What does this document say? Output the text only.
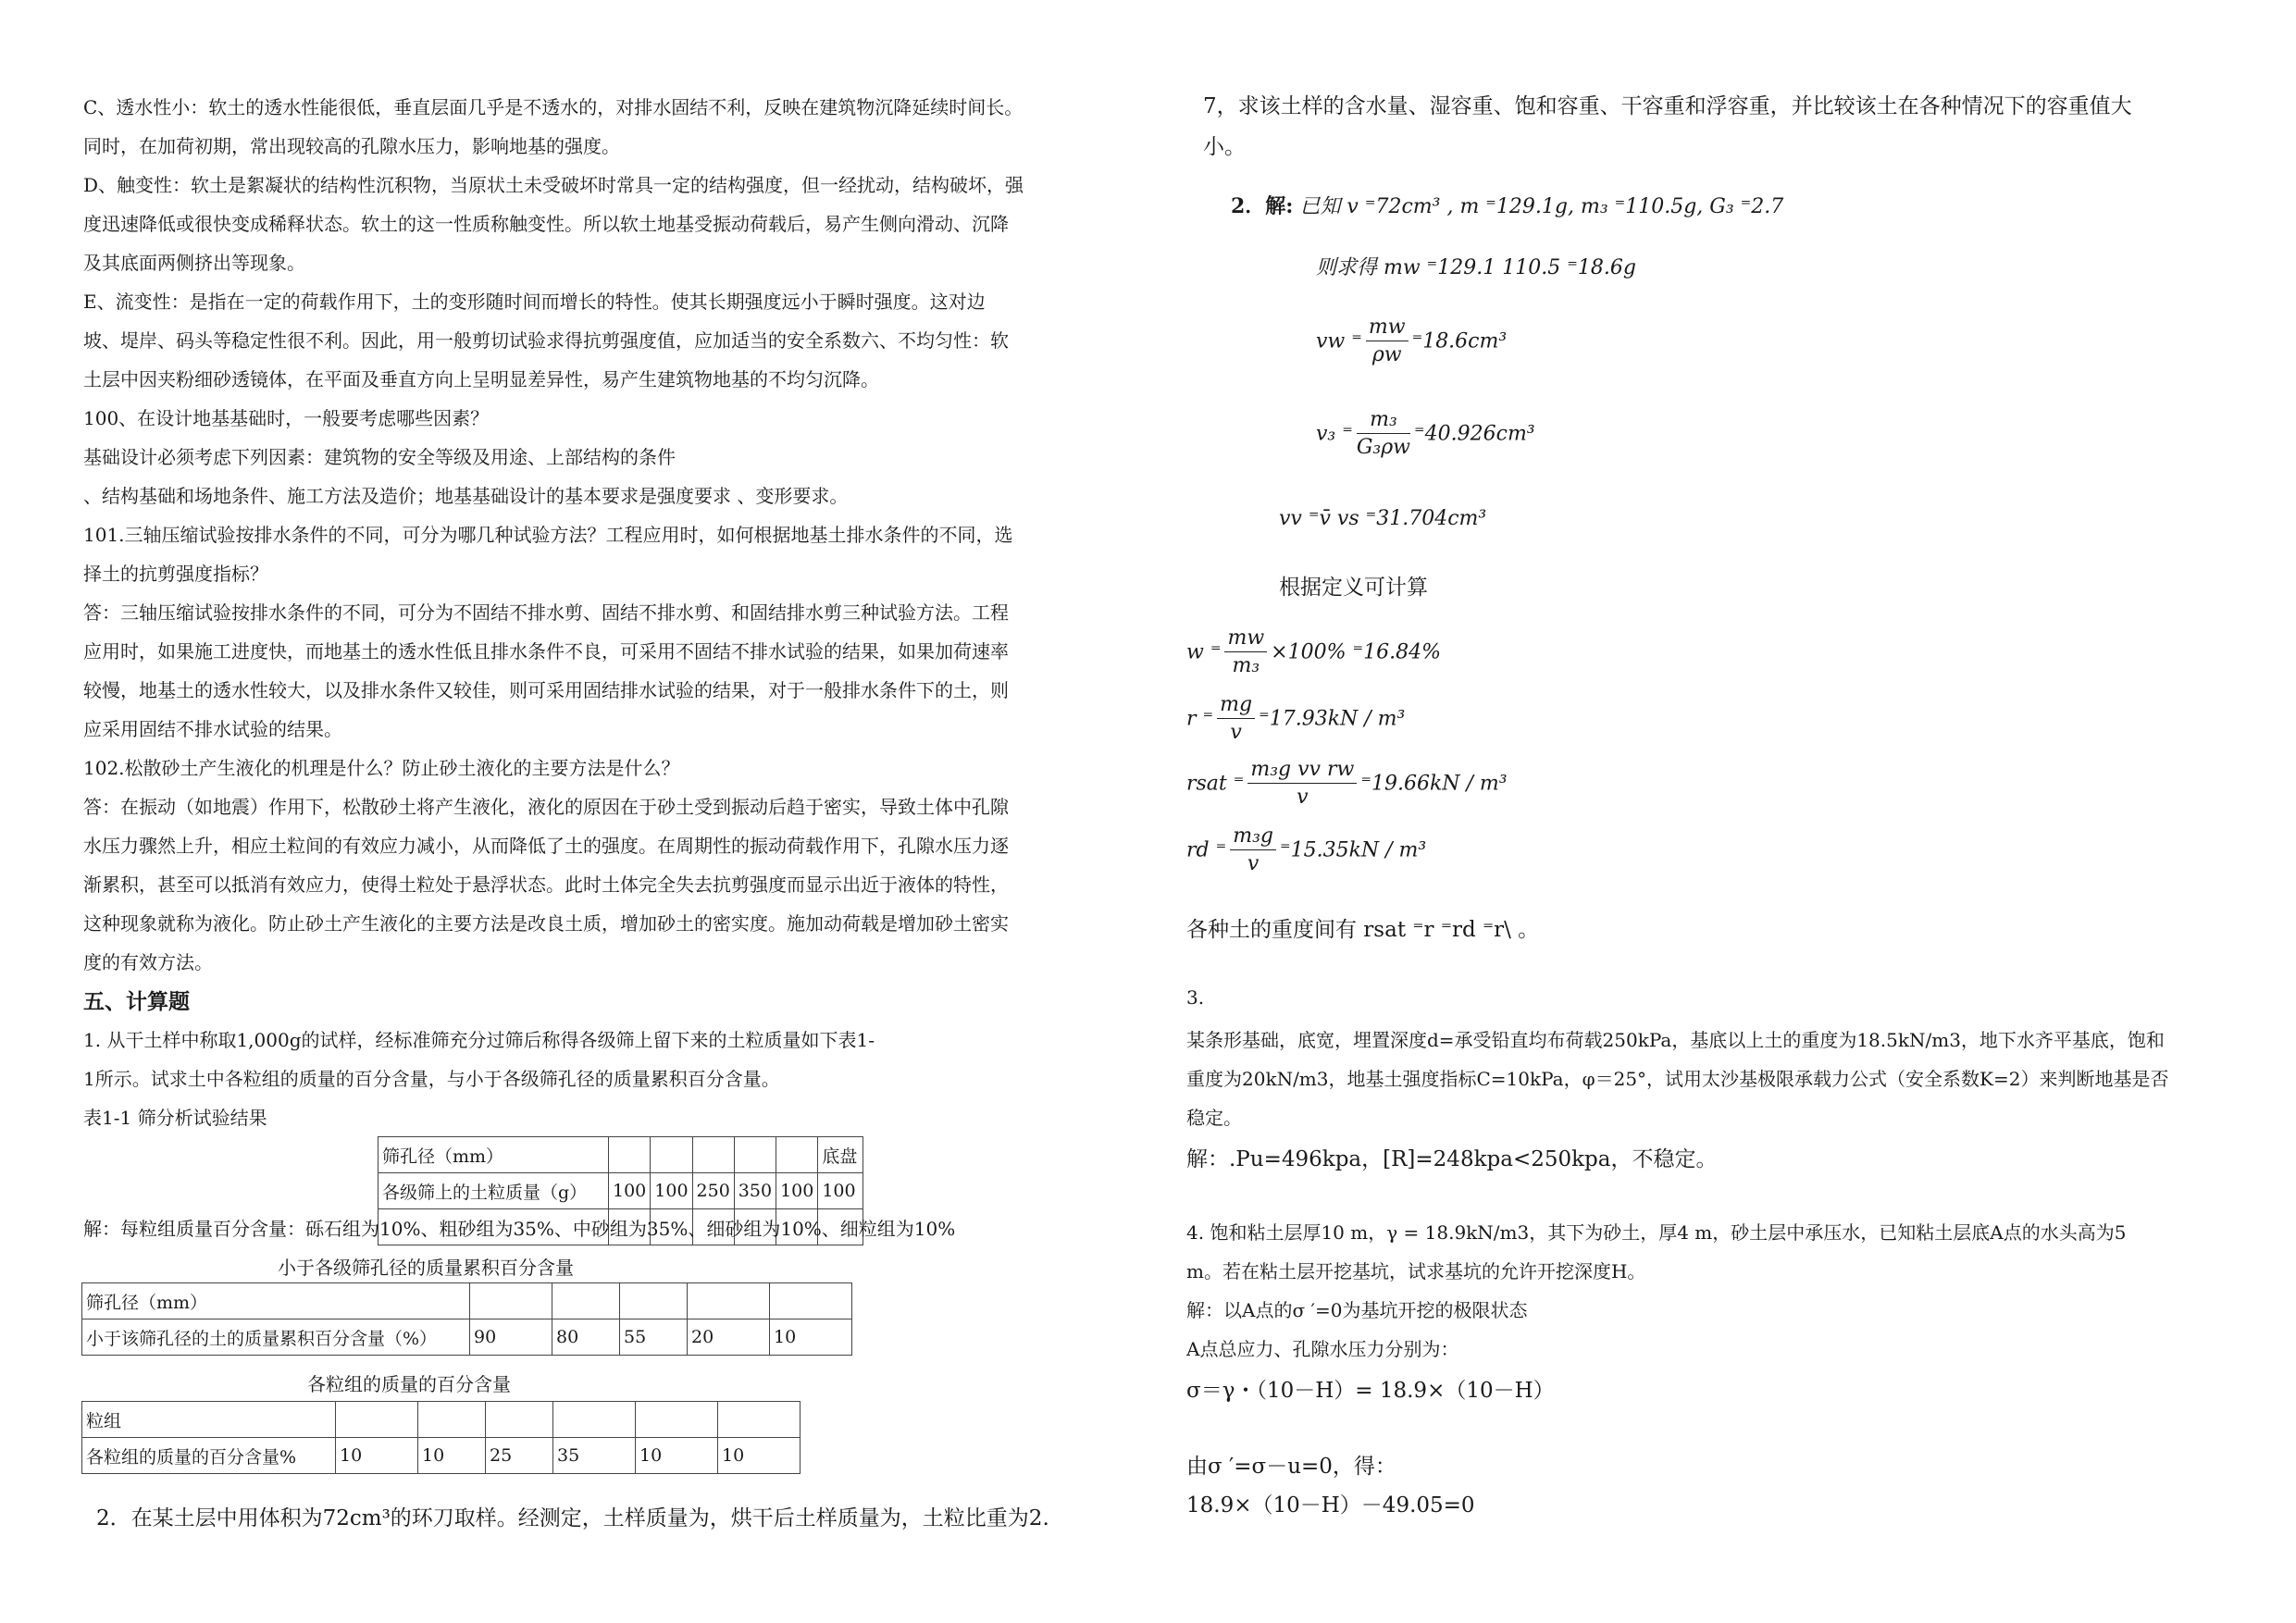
C、透水性小：软土的透水性能很低，垂直层面几乎是不透水的，对排水固结不利，反映在建筑物沉降延续时间长。
同时，在加荷初期，常出现较高的孔隙水压力，影响地基的强度。
D、触变性：软土是絮凝状的结构性沉积物，当原状土未受破坏时常具一定的结构强度，但一经扰动，结构破坏，强
度迅速降低或很快变成稀释状态。软土的这一性质称触变性。所以软土地基受振动荷载后，易产生侧向滑动、沉降
及其底面两侧挤出等现象。
E、流变性：是指在一定的荷载作用下，土的变形随时间而增长的特性。使其长期强度远小于瞬时强度。这对边
坡、堤岸、码头等稳定性很不利。因此，用一般剪切试验求得抗剪强度值，应加适当的安全系数六、不均匀性：软
土层中因夹粉细砂透镜体，在平面及垂直方向上呈明显差异性，易产生建筑物地基的不均匀沉降。
100、在设计地基基础时，一般要考虑哪些因素？
基础设计必须考虑下列因素：建筑物的安全等级及用途、上部结构的条件
、结构基础和场地条件、施工方法及造价；地基基础设计的基本要求是强度要求 、变形要求。
101.三轴压缩试验按排水条件的不同，可分为哪几种试验方法？工程应用时，如何根据地基土排水条件的不同，选
择土的抗剪强度指标？
答：三轴压缩试验按排水条件的不同，可分为不固结不排水剪、固结不排水剪、和固结排水剪三种试验方法。工程
应用时，如果施工进度快，而地基土的透水性低且排水条件不良，可采用不固结不排水试验的结果，如果加荷速率
较慢，地基土的透水性较大，以及排水条件又较佳，则可采用固结排水试验的结果，对于一般排水条件下的土，则
应采用固结不排水试验的结果。
102.松散砂土产生液化的机理是什么？防止砂土液化的主要方法是什么？
答：在振动（如地震）作用下，松散砂土将产生液化，液化的原因在于砂土受到振动后趋于密实，导致土体中孔隙
水压力骤然上升，相应土粒间的有效应力减小，从而降低了土的强度。在周期性的振动荷载作用下，孔隙水压力逐
渐累积，甚至可以抵消有效应力，使得土粒处于悬浮状态。此时土体完全失去抗剪强度而显示出近于液体的特性，
这种现象就称为液化。防止砂土产生液化的主要方法是改良土质，增加砂土的密实度。施加动荷载是增加砂土密实
度的有效方法。
五、计算题
1. 从干土样中称取1,000g的试样，经标准筛充分过筛后称得各级筛上留下来的土粒质量如下表1-
1所示。试求土中各粒组的质量的百分含量，与小于各级筛孔径的质量累积百分含量。
表1-1 筛分析试验结果
筛孔径（mm）						底盘
各级筛上的土粒质量（g）	100	100	250	350	100	100

解：每粒组质量百分含量：砾石组为10%、粗砂组为35%、中砂组为35%、细砂组为10%、细粒组为10%
小于各级筛孔径的质量累积百分含量
筛孔径（mm）					
小于该筛孔径的土的质量累积百分含量（%）	90	80	55	20	10
各粒组的质量的百分含量
粒组						
各粒组的质量的百分含量%	10	10	25	35	10	10
2．在某土层中用体积为72cm³的环刀取样。经测定，土样质量为，烘干后土样质量为，土粒比重为2.
7，求该土样的含水量、湿容重、饱和容重、干容重和浮容重，并比较该土在各种情况下的容重值大
小。
2．解: 已知 v ⁼72cm³ , m ⁼129.1g, m₃ ⁼110.5g, G₃ ⁼2.7
则求得 mw ⁼129.1 110.5 ⁼18.6g
vw ⁼ $\frac{mw}{\rho w} ^=18.6cm^3$
v₃ ⁼ $\frac{\text{m₃}}{\text{G₃ρw}} ^=40.926cm^3$
vv ⁼v̄ vs ⁼31.704cm³
根据定义可计算
w ⁼ $\frac{mw}{\text{m₃}} \times 100\%$ ⁼16.84%
r ⁼ $\frac{mg}{v} ^=17.93kN / m^3$
rsat ⁼ $\frac{\text{m₃g vv rw}}{v} ^=19.66kN / m^3$
rd ⁼ $\frac{\text{m₃g}}{v} ^=15.35kN / m^3$
各种土的重度间有 rsat ⁼r ⁼rd ⁼r\ 。
3.
某条形基础，底宽，埋置深度d=承受铅直均布荷载250kPa，基底以上土的重度为18.5kN/m3，地下水齐平基底，饱和
重度为20kN/m3，地基土强度指标C=10kPa，φ＝25°，试用太沙基极限承载力公式（安全系数K=2）来判断地基是否
稳定。
解：.Pu=496kpa，[R]=248kpa<250kpa，不稳定。
4. 饱和粘土层厚10 m，γ = 18.9kN/m3，其下为砂土，厚4 m，砂土层中承压水，已知粘土层底A点的水头高为5
m。若在粘土层开挖基坑，试求基坑的允许开挖深度H。
解：以A点的σ ′=0为基坑开挖的极限状态
A点总应力、孔隙水压力分别为：
σ＝γ・（10－H）= 18.9×（10－H）
由σ ′=σ－u=0，得：
18.9×（10－H）－49.05=0
